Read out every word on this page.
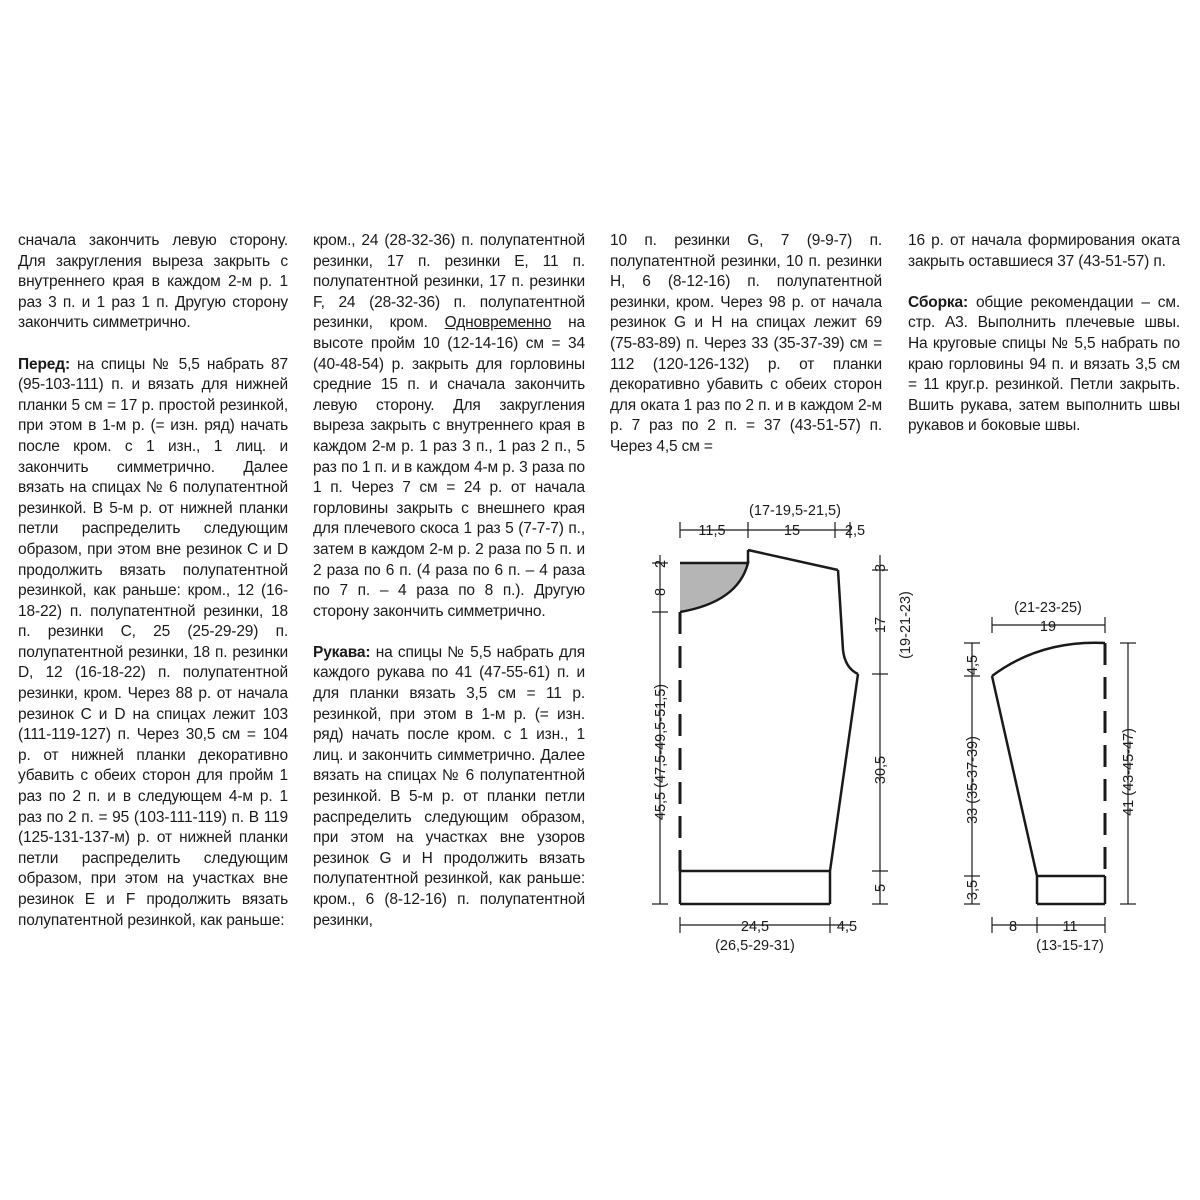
сначала закончить левую сторону. Для закругления выреза закрыть с внутреннего края в каждом 2-м р. 1 раз 3 п. и 1 раз 1 п. Другую сторону закончить симметрично.

Перед: на спицы № 5,5 набрать 87 (95-103-111) п. и вязать для нижней планки 5 см = 17 р. простой резинкой, при этом в 1-м р. (= изн. ряд) начать после кром. с 1 изн., 1 лиц. и закончить симметрично. Далее вязать на спицах № 6 полупатентной резинкой. В 5-м р. от нижней планки петли распределить следующим образом, при этом вне резинок C и D продолжить вязать полупатентной резинкой, как раньше: кром., 12 (16-18-22) п. полупатентной резинки, 18 п. резинки C, 25 (25-29-29) п. полупатентной резинки, 18 п. резинки D, 12 (16-18-22) п. полупатентной резинки, кром. Через 88 р. от начала резинок C и D на спицах лежит 103 (111-119-127) п. Через 30,5 см = 104 р. от нижней планки декоративно убавить с обеих сторон для пройм 1 раз по 2 п. и в следующем 4-м р. 1 раз по 2 п. = 95 (103-111-119) п. В 119 (125-131-137-м) р. от нижней планки петли распределить следующим образом, при этом на участках вне резинок E и F продолжить вязать полупатентной резинкой, как раньше:

кром., 24 (28-32-36) п. полупатентной резинки, 17 п. резинки E, 11 п. полупатентной резинки, 17 п. резинки F, 24 (28-32-36) п. полупатентной резинки, кром. Одновременно на высоте пройм 10 (12-14-16) см = 34 (40-48-54) р. закрыть для горловины средние 15 п. и сначала закончить левую сторону. Для закругления выреза закрыть с внутреннего края в каждом 2-м р. 1 раз 3 п., 1 раз 2 п., 5 раз по 1 п. и в каждом 4-м р. 3 раза по 1 п. Через 7 см = 24 р. от начала горловины закрыть с внешнего края для плечевого скоса 1 раз 5 (7-7-7) п., затем в каждом 2-м р. 2 раза по 5 п. и 2 раза по 6 п. (4 раза по 6 п. – 4 раза по 7 п. – 4 раза по 8 п.). Другую сторону закончить симметрично.

Рукава: на спицы № 5,5 набрать для каждого рукава по 41 (47-55-61) п. и для планки вязать 3,5 см = 11 р. резинкой, при этом в 1-м р. (= изн. ряд) начать после кром. с 1 изн., 1 лиц. и закончить симметрично. Далее вязать на спицах № 6 полупатентной резинкой. В 5-м р. от планки петли распределить следующим образом, при этом на участках вне узоров резинок G и H продолжить вязать полупатентной резинкой, как раньше: кром., 6 (8-12-16) п. полупатентной резинки,

10 п. резинки G, 7 (9-9-7) п. полупатентной резинки, 10 п. резинки H, 6 (8-12-16) п. полупатентной резинки, кром. Через 98 р. от начала резинок G и H на спицах лежит 69 (75-83-89) п. Через 33 (35-37-39) см = 112 (120-126-132) р. от планки декоративно убавить с обеих сторон для оката 1 раз по 2 п. и в каждом 2-м р. 7 раз по 2 п. = 37 (43-51-57) п. Через 4,5 см =

16 р. от начала формирования оката закрыть оставшиеся 37 (43-51-57) п.

Сборка: общие рекомендации – см. стр. А3. Выполнить плечевые швы. На круговые спицы № 5,5 набрать по краю горловины 94 п. и вязать 3,5 см = 11 круг.р. резинкой. Петли закрыть. Вшить рукава, затем выполнить швы рукавов и боковые швы.

(17-19,5-21,5)
11,5	15	2,5
2
8
45,5 (47,5-49,5-51,5)
3
17 (19-21-23)
30,5
5
24,5	4,5
(26,5-29-31)
(21-23-25)
19
4,5
33 (35-37-39)
3,5
41 (43-45-47)
8	11
(13-15-17)
